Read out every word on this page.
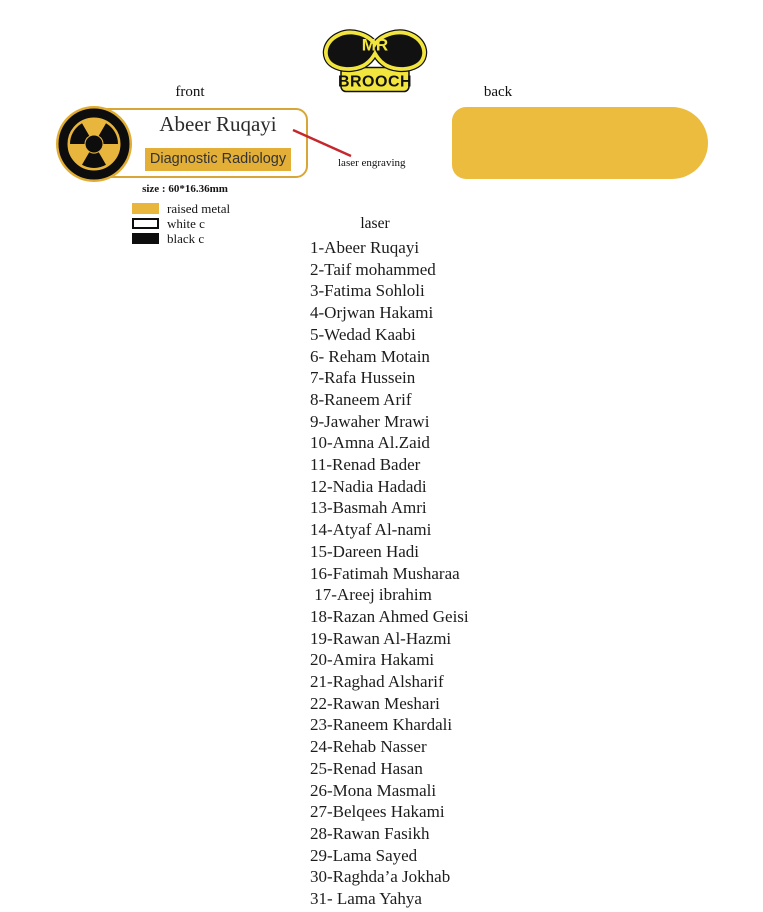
MR
BROOCH
front	back
Abeer Ruqayi
Diagnostic Radiology	laser engraving
size : 60*16.36mm
raised metal
white c
black c
laser
1-Abeer Ruqayi
2-Taif mohammed
3-Fatima Sohloli
4-Orjwan Hakami
5-Wedad Kaabi
6- Reham Motain
7-Rafa Hussein
8-Raneem Arif
9-Jawaher Mrawi
10-Amna Al.Zaid
11-Renad Bader
12-Nadia Hadadi
13-Basmah Amri
14-Atyaf Al-nami
15-Dareen Hadi
16-Fatimah Musharaa
17-Areej ibrahim
18-Razan Ahmed Geisi
19-Rawan Al-Hazmi
20-Amira Hakami
21-Raghad Alsharif
22-Rawan Meshari
23-Raneem Khardali
24-Rehab Nasser
25-Renad Hasan
26-Mona Masmali
27-Belqees Hakami
28-Rawan Fasikh
29-Lama Sayed
30-Raghda’a Jokhab
31- Lama Yahya
